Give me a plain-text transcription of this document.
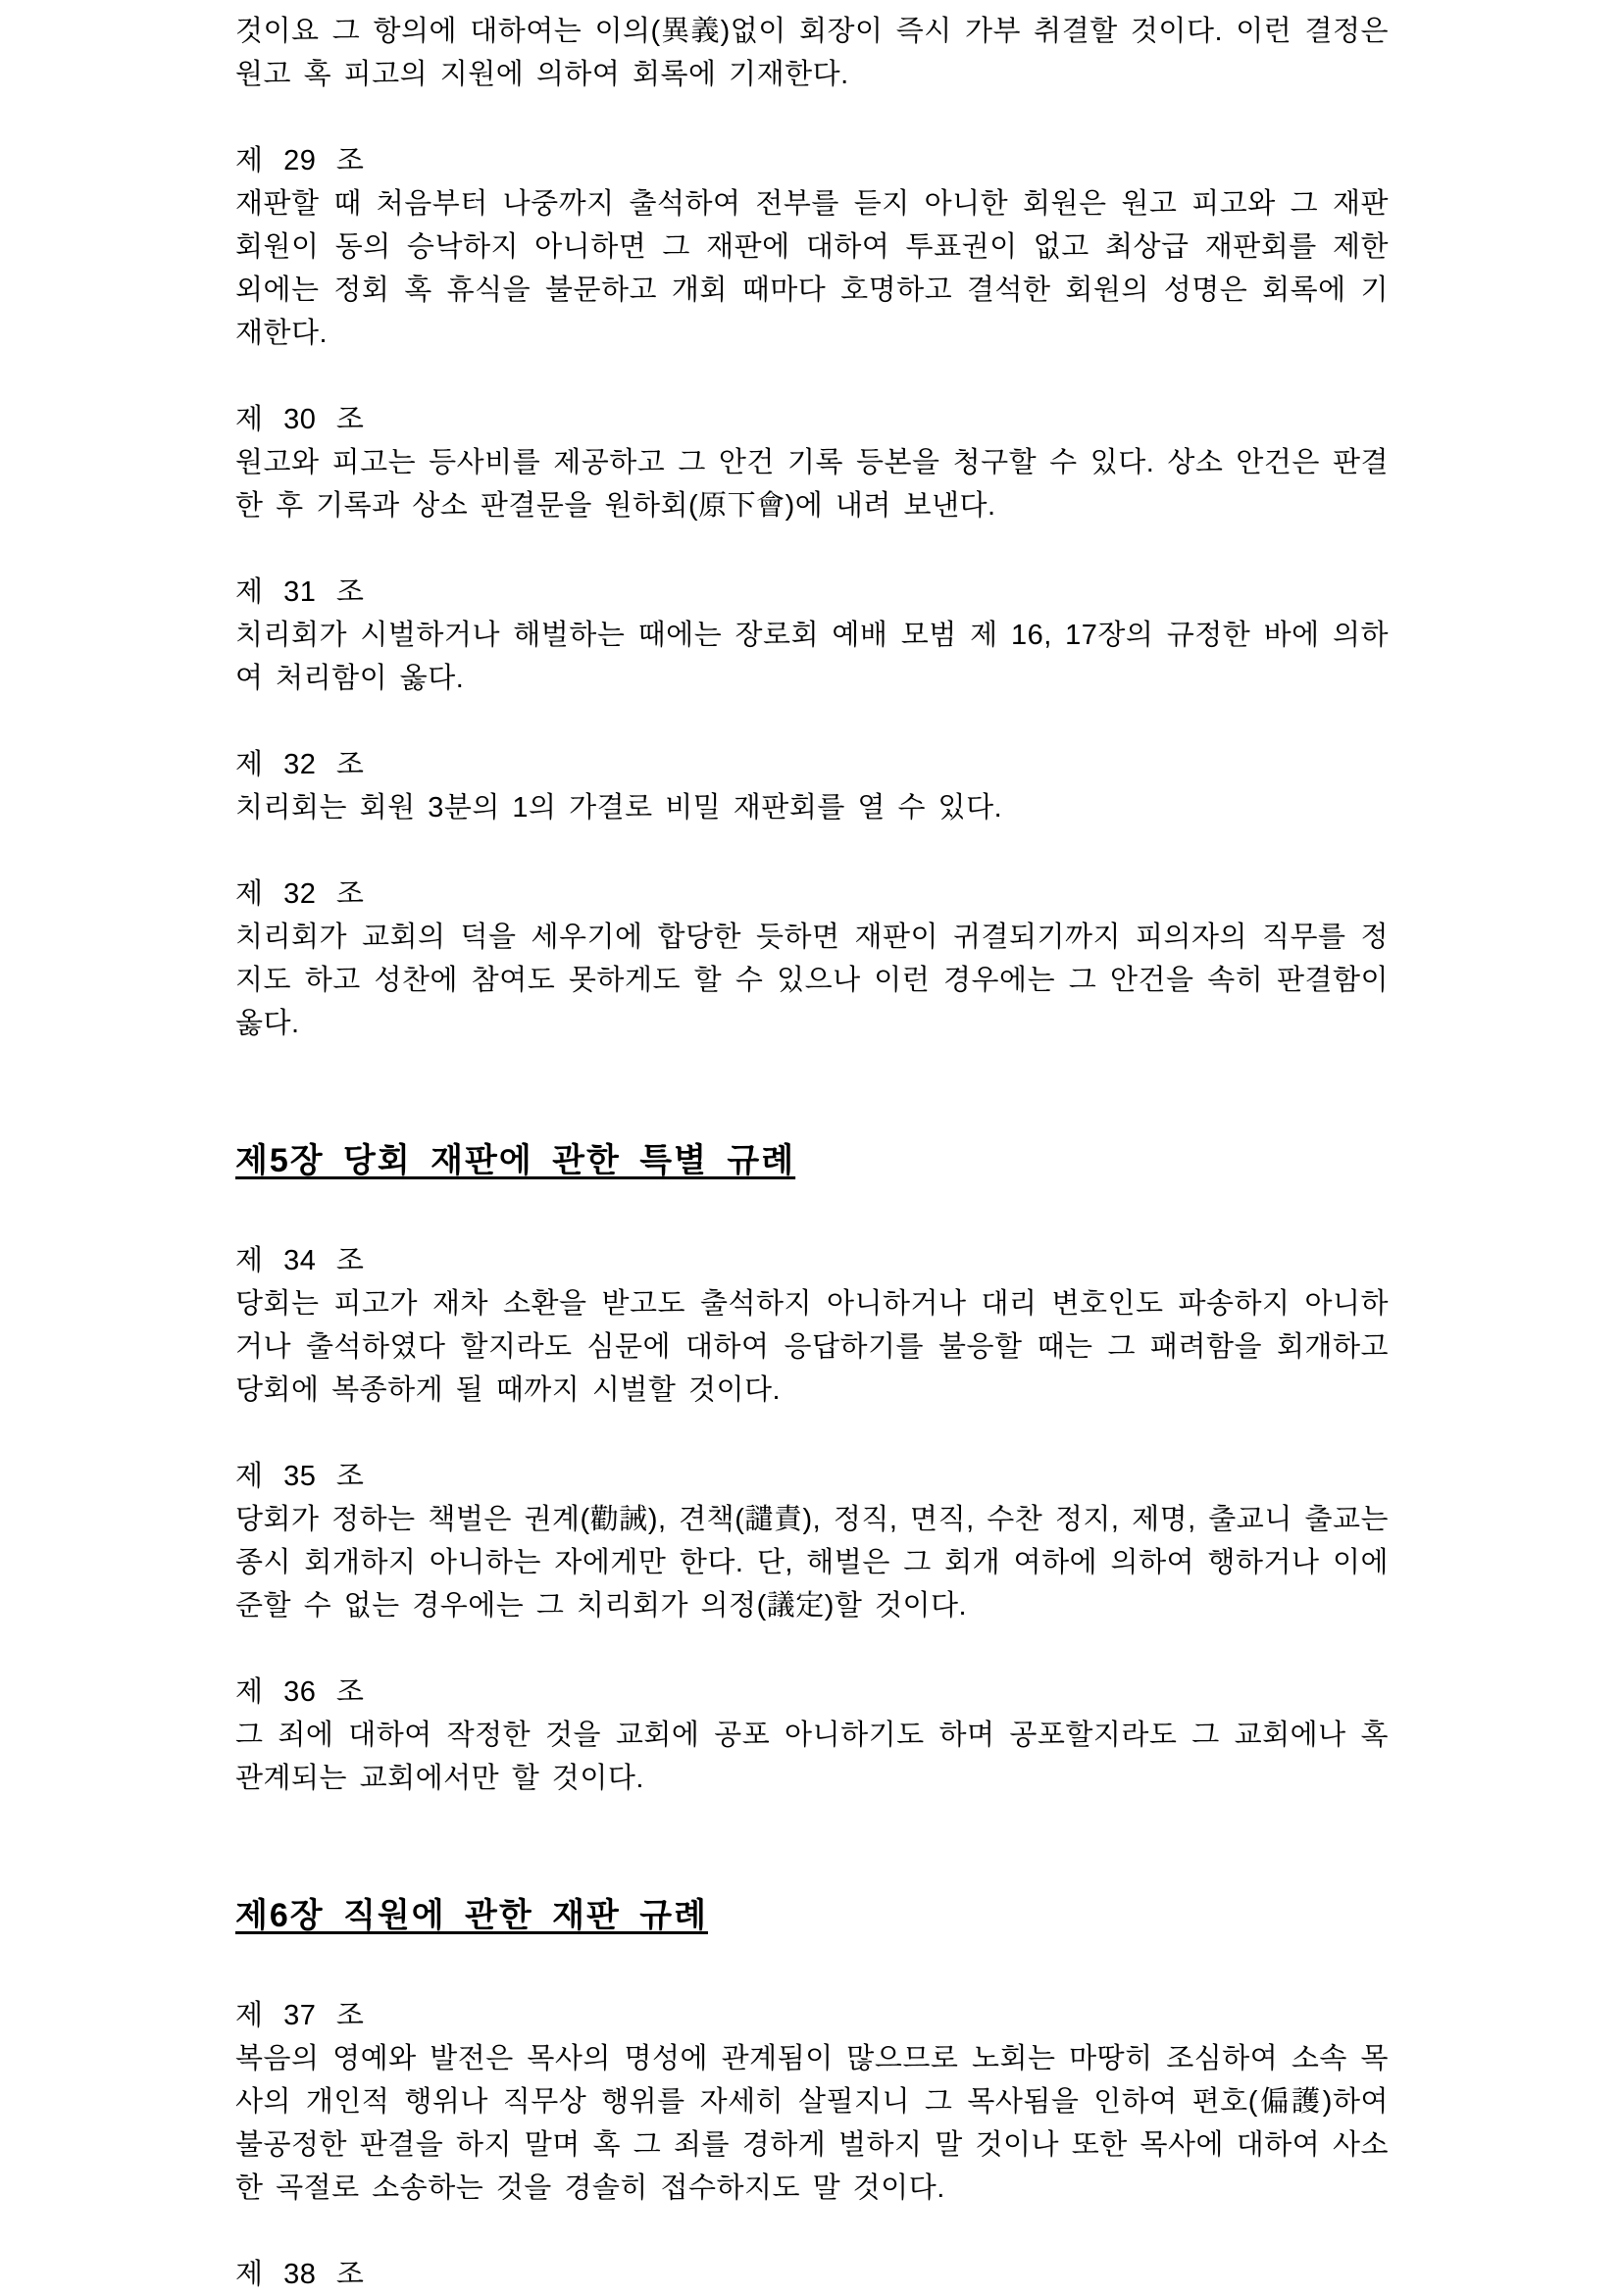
것이요 그 항의에 대하여는 이의(異義)없이 회장이 즉시 가부 취결할 것이다. 이런 결정은 원고 혹 피고의 지원에 의하여 회록에 기재한다.

제 29 조

재판할 때 처음부터 나중까지 출석하여 전부를 듣지 아니한 회원은 원고 피고와 그 재판 회원이 동의 승낙하지 아니하면 그 재판에 대하여 투표권이 없고 최상급 재판회를 제한 외에는 정회 혹 휴식을 불문하고 개회 때마다 호명하고 결석한 회원의 성명은 회록에 기재한다.

제 30 조

원고와 피고는 등사비를 제공하고 그 안건 기록 등본을 청구할 수 있다. 상소 안건은 판결한 후 기록과 상소 판결문을 원하회(原下會)에 내려 보낸다.

제 31 조

치리회가 시벌하거나 해벌하는 때에는 장로회 예배 모범 제 16, 17장의 규정한 바에 의하여 처리함이 옳다.

제 32 조

치리회는 회원 3분의 1의 가결로 비밀 재판회를 열 수 있다.

제 32 조

치리회가 교회의 덕을 세우기에 합당한 듯하면 재판이 귀결되기까지 피의자의 직무를 정지도 하고 성찬에 참여도 못하게도 할 수 있으나 이런 경우에는 그 안건을 속히 판결함이 옳다.

제5장 당회 재판에 관한 특별 규례
제 34 조

당회는 피고가 재차 소환을 받고도 출석하지 아니하거나 대리 변호인도 파송하지 아니하거나 출석하였다 할지라도 심문에 대하여 응답하기를 불응할 때는 그 패려함을 회개하고 당회에 복종하게 될 때까지 시벌할 것이다.

제 35 조

당회가 정하는 책벌은 권계(勸誡), 견책(譴責), 정직, 면직, 수찬 정지, 제명, 출교니 출교는 종시 회개하지 아니하는 자에게만 한다. 단, 해벌은 그 회개 여하에 의하여 행하거나 이에 준할 수 없는 경우에는 그 치리회가 의정(議定)할 것이다.

제 36 조

그 죄에 대하여 작정한 것을 교회에 공포 아니하기도 하며 공포할지라도 그 교회에나 혹 관계되는 교회에서만 할 것이다.

제6장 직원에 관한 재판 규례
제 37 조

복음의 영예와 발전은 목사의 명성에 관계됨이 많으므로 노회는 마땅히 조심하여 소속 목사의 개인적 행위나 직무상 행위를 자세히 살필지니 그 목사됨을 인하여 편호(偏護)하여 불공정한 판결을 하지 말며 혹 그 죄를 경하게 벌하지 말 것이나 또한 목사에 대하여 사소한 곡절로 소송하는 것을 경솔히 접수하지도 말 것이다.

제 38 조
